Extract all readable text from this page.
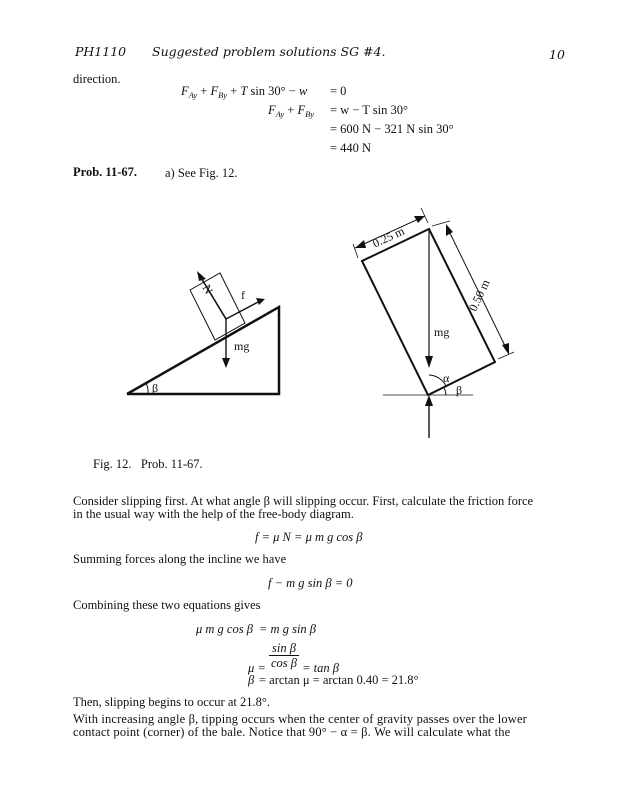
PH1110 Suggested problem solutions SG #4.	10
direction.
$F_{Ay} + F_{By} + T$ sin 30° − w = 0
$F_{Ay} + F_{By} = w - T$ sin 30°
= 600 N − 321 N sin 30°
= 440 N
Prob. 11-67. a) See Fig. 12.
N f
mg
β
0.25 m
0.50 m
mg
α
β
Fig. 12.   Prob. 11-67.
Consider slipping first. At what angle β will slipping occur. First, calculate the friction force
in the usual way with the help of the free-body diagram.
f = μ N = μ m g cos β
Summing forces along the incline we have
f − m g sin β = 0
Combining these two equations gives
μ m g cos β = m g sin β
$\mu = \frac{\text{sin β}}{\text{cos β}} = \tan \beta$
β = arctan μ = arctan 0.40 = 21.8°
Then, slipping begins to occur at 21.8°.
With increasing angle β, tipping occurs when the center of gravity passes over the lower
contact point (corner) of the bale. Notice that 90° − α = β. We will calculate what the
